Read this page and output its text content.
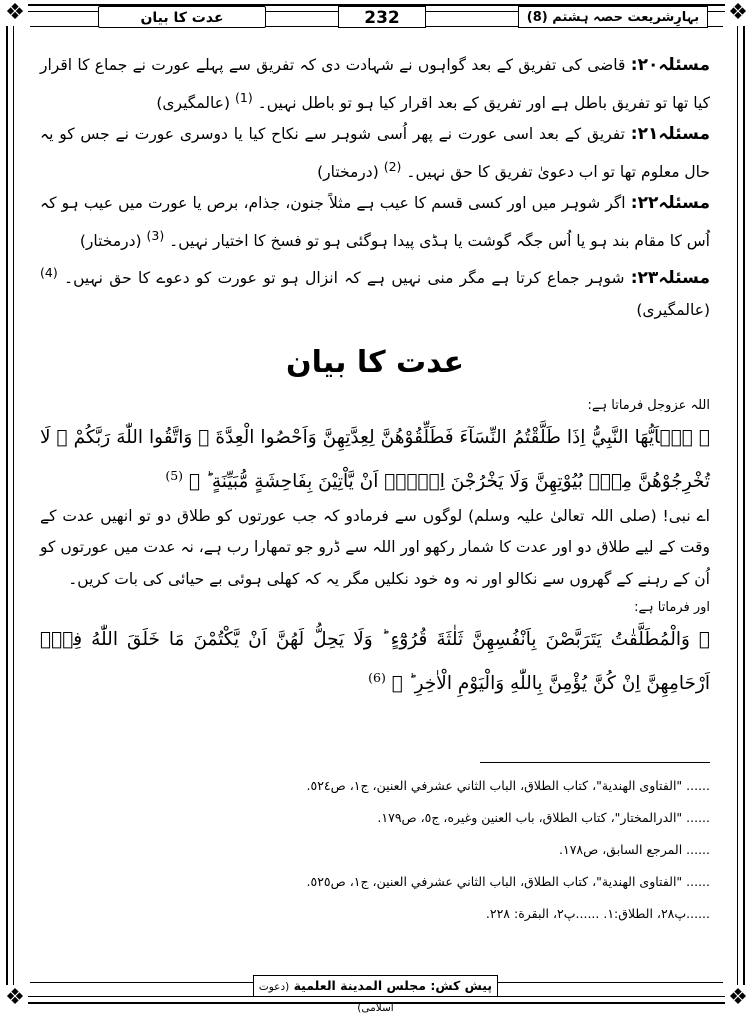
❖	❖
❖	❖
عدت کا بیان	232	بہارِشریعت حصہ ہشتم (8)

مسئلہ۲۰: قاضی کی تفریق کے بعد گواہوں نے شہادت دی کہ تفریق سے پہلے عورت نے جماع کا اقرار کیا تھا تو تفریق باطل ہے اور تفریق کے بعد اقرار کیا ہو تو باطل نہیں۔ $^{(1)}$ (عالمگیری)

مسئلہ۲۱: تفریق کے بعد اسی عورت نے پھر اُسی شوہر سے نکاح کیا یا دوسری عورت نے جس کو یہ حال معلوم تھا تو اب دعویٰ تفریق کا حق نہیں۔ $^{(2)}$ (درمختار)

مسئلہ۲۲: اگر شوہر میں اور کسی قسم کا عیب ہے مثلاً جنون، جذام، برص یا عورت میں عیب ہو کہ اُس کا مقام بند ہو یا اُس جگہ گوشت یا ہڈی پیدا ہوگئی ہو تو فسخ کا اختیار نہیں۔ $^{(3)}$ (درمختار)

مسئلہ۲۳: شوہر جماع کرتا ہے مگر منی نہیں ہے کہ انزال ہو تو عورت کو دعوے کا حق نہیں۔ $^{(4)}$ (عالمگیری)

عدت کا بیان

اللہ عزوجل فرماتا ہے:

﴿ يٰۤاَيُّهَا النَّبِيُّ اِذَا طَلَّقْتُمُ النِّسَآءَ فَطَلِّقُوْهُنَّ لِعِدَّتِهِنَّ وَاَحْصُوا الْعِدَّةَ ۚ وَاتَّقُوا اللّٰهَ رَبَّكُمْ ۚ لَا تُخْرِجُوْهُنَّ مِنْۢ بُيُوْتِهِنَّ وَلَا يَخْرُجْنَ اِلَّاۤ اَنْ يَّاْتِيْنَ بِفَاحِشَةٍ مُّبَيِّنَةٍ ؕ ﴾ $^{(5)}$

اے نبی! (صلی اللہ تعالیٰ علیہ وسلم) لوگوں سے فرمادو کہ جب عورتوں کو طلاق دو تو انھیں عدت کے وقت کے لیے طلاق دو اور عدت کا شمار رکھو اور اللہ سے ڈرو جو تمھارا رب ہے، نہ عدت میں عورتوں کو اُن کے رہنے کے گھروں سے نکالو اور نہ وہ خود نکلیں مگر یہ کہ کھلی ہوئی بے حیائی کی بات کریں۔

اور فرماتا ہے:

﴿ وَالْمُطَلَّقٰتُ يَتَرَبَّصْنَ بِاَنْفُسِهِنَّ ثَلٰثَةَ قُرُوْٓءٍ ؕ وَلَا يَحِلُّ لَهُنَّ اَنْ يَّكْتُمْنَ مَا خَلَقَ اللّٰهُ فِيْۤ اَرْحَامِهِنَّ اِنْ كُنَّ يُؤْمِنَّ بِاللّٰهِ وَالْيَوْمِ الْاٰخِرِ ؕ ﴾ $^{(6)}$

...... "الفتاوی الهندية"، كتاب الطلاق، الباب الثاني عشرفي العنين، ج١، ص٥٢٤.

...... "الدرالمختار"، كتاب الطلاق، باب العنين وغيره، ج٥، ص١٧٩.

...... المرجع السابق، ص١٧٨.

...... "الفتاوی الهندية"، كتاب الطلاق، الباب الثاني عشرفي العنين، ج١، ص٥٢٥.

......پ٢٨، الطلاق:١. ......پ٢، البقرة: ٢٢٨.

پیش کش: مجلس المدينة العلمية (دعوت اسلامی)
